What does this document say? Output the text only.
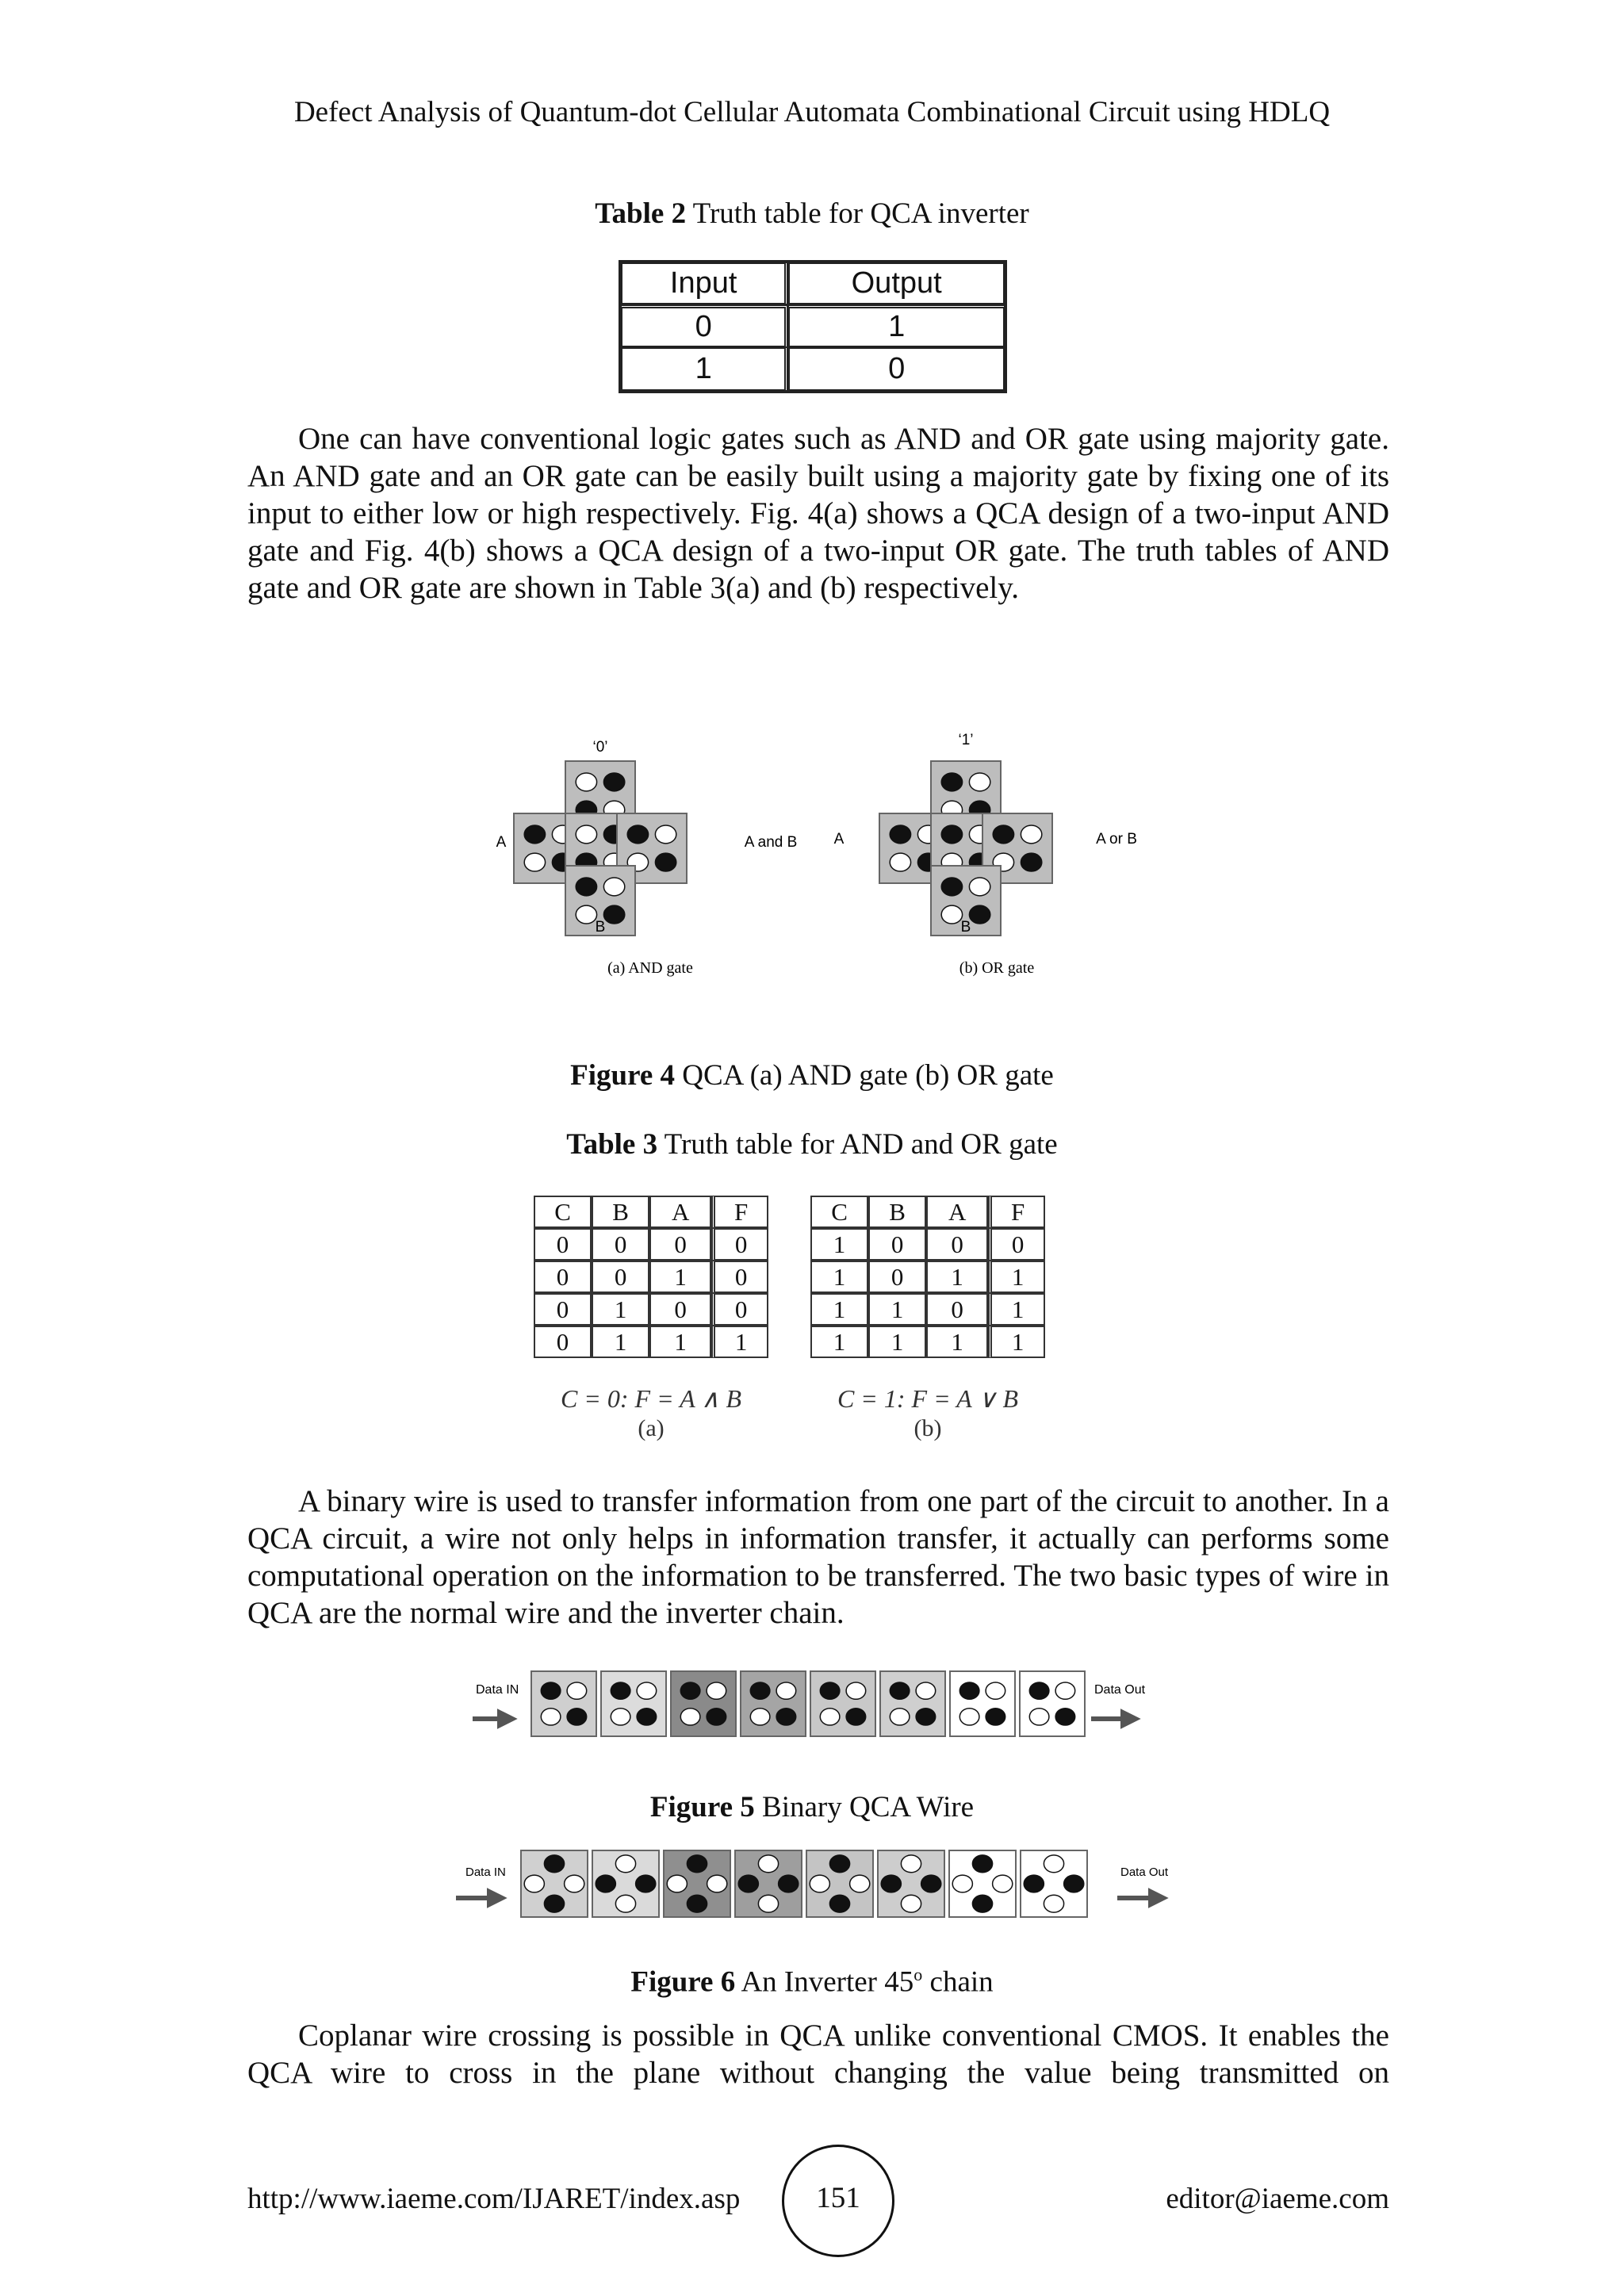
Defect Analysis of Quantum-dot Cellular Automata Combinational Circuit using HDLQ
Table 2 Truth table for QCA inverter
Input	Output
0	1
1	0
One can have conventional logic gates such as AND and OR gate using majority gate. An AND gate and an OR gate can be easily built using a majority gate by fixing one of its input to either low or high respectively. Fig. 4(a) shows a QCA design of a two-input AND gate and Fig. 4(b) shows a QCA design of a two-input OR gate. The truth tables of AND gate and OR gate are shown in Table 3(a) and (b) respectively.
‘0’
A	A and B
B
(a) AND gate
‘1’
A	A or B
B
(b) OR gate
Figure 4 QCA (a) AND gate (b) OR gate
Table 3 Truth table for AND and OR gate
C	B	A	F
0	0	0	0
0	0	1	0
0	1	0	0
0	1	1	1
C	B	A	F
1	0	0	0
1	0	1	1
1	1	0	1
1	1	1	1
C = 0: F = A ∧ B
(a)
C = 1: F = A ∨ B
(b)
A binary wire is used to transfer information from one part of the circuit to another. In a QCA circuit, a wire not only helps in information transfer, it actually can performs some computational operation on the information to be transferred. The two basic types of wire in QCA are the normal wire and the inverter chain.
Data IN	Data Out
Figure 5 Binary QCA Wire
Data IN	Data Out
Figure 6 An Inverter 45$^o$ chain
Coplanar wire crossing is possible in QCA unlike conventional CMOS. It enables the QCA wire to cross in the plane without changing the value being transmitted on
http://www.iaeme.com/IJARET/index.asp	151	editor@iaeme.com
